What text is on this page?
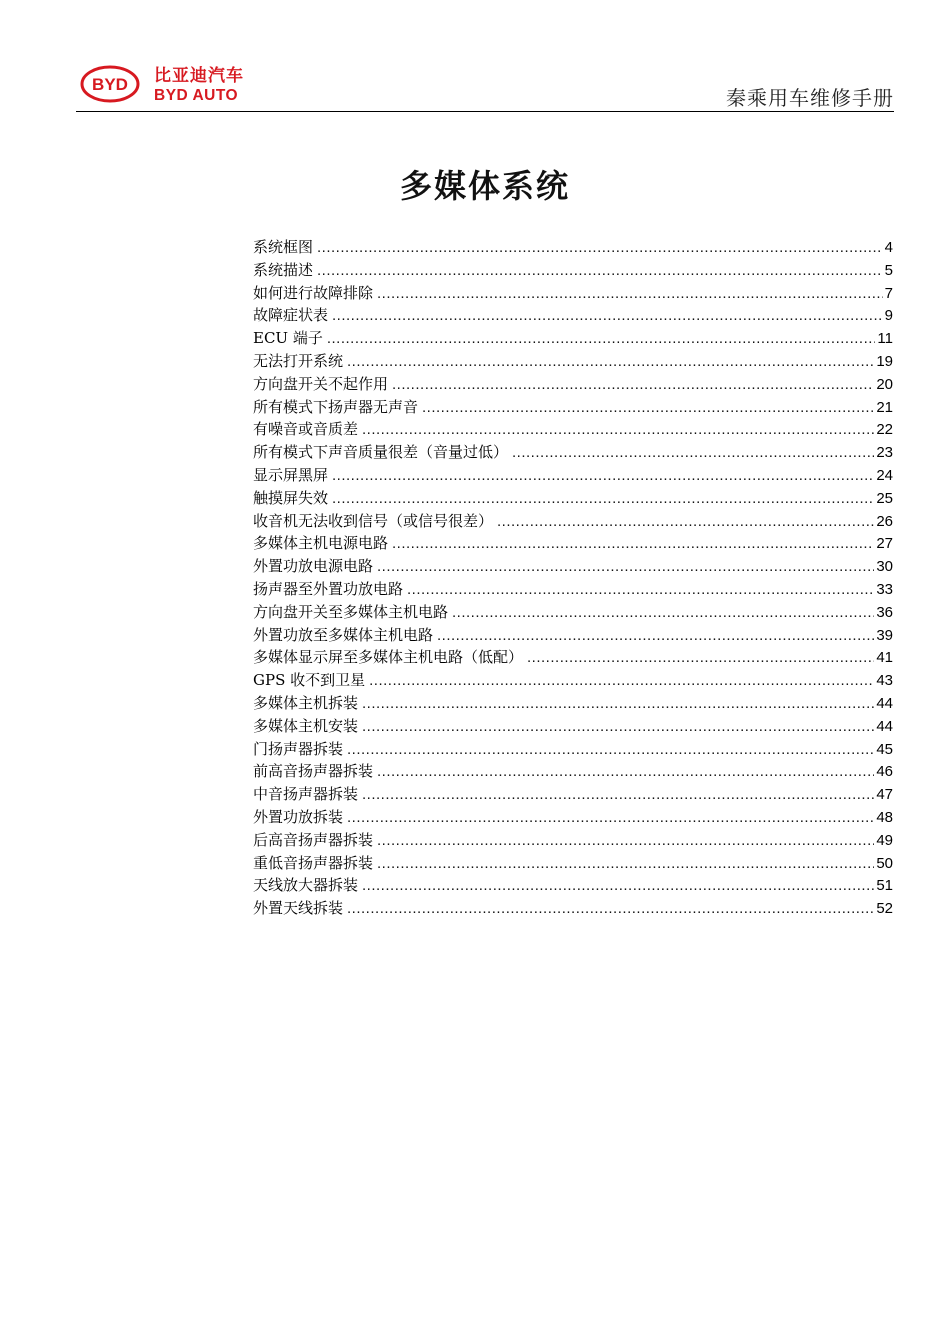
BYD 比亚迪汽车
BYD AUTO	秦乘用车维修手册
多媒体系统
系统框图 .....	4
系统描述 .....	5
如何进行故障排除 .....	7
故障症状表 .....	9
ECU 端子 .....	11
无法打开系统 .....	19
方向盘开关不起作用 .....	20
所有模式下扬声器无声音 .....	21
有噪音或音质差 .....	22
所有模式下声音质量很差（音量过低） .....	23
显示屏黑屏 .....	24
触摸屏失效 .....	25
收音机无法收到信号（或信号很差） .....	26
多媒体主机电源电路 .....	27
外置功放电源电路 .....	30
扬声器至外置功放电路 .....	33
方向盘开关至多媒体主机电路 .....	36
外置功放至多媒体主机电路 .....	39
多媒体显示屏至多媒体主机电路（低配） .....	41
GPS 收不到卫星 .....	43
多媒体主机拆装 .....	44
多媒体主机安装 .....	44
门扬声器拆装 .....	45
前高音扬声器拆装 .....	46
中音扬声器拆装 .....	47
外置功放拆装 .....	48
后高音扬声器拆装 .....	49
重低音扬声器拆装 .....	50
天线放大器拆装 .....	51
外置天线拆装 .....	52
